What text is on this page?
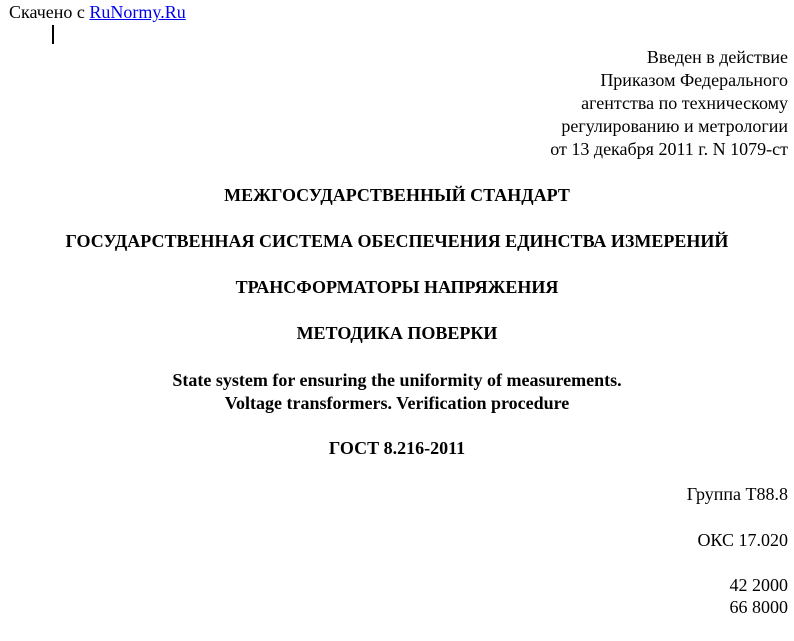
Скачено с RuNormy.Ru
Введен в действие
Приказом Федерального
агентства по техническому
регулированию и метрологии
от 13 декабря 2011 г. N 1079-ст
МЕЖГОСУДАРСТВЕННЫЙ СТАНДАРТ
ГОСУДАРСТВЕННАЯ СИСТЕМА ОБЕСПЕЧЕНИЯ ЕДИНСТВА ИЗМЕРЕНИЙ
ТРАНСФОРМАТОРЫ НАПРЯЖЕНИЯ
МЕТОДИКА ПОВЕРКИ
State system for ensuring the uniformity of measurements.
Voltage transformers. Verification procedure
ГОСТ 8.216-2011
Группа Т88.8
ОКС 17.020
42 2000
66 8000
